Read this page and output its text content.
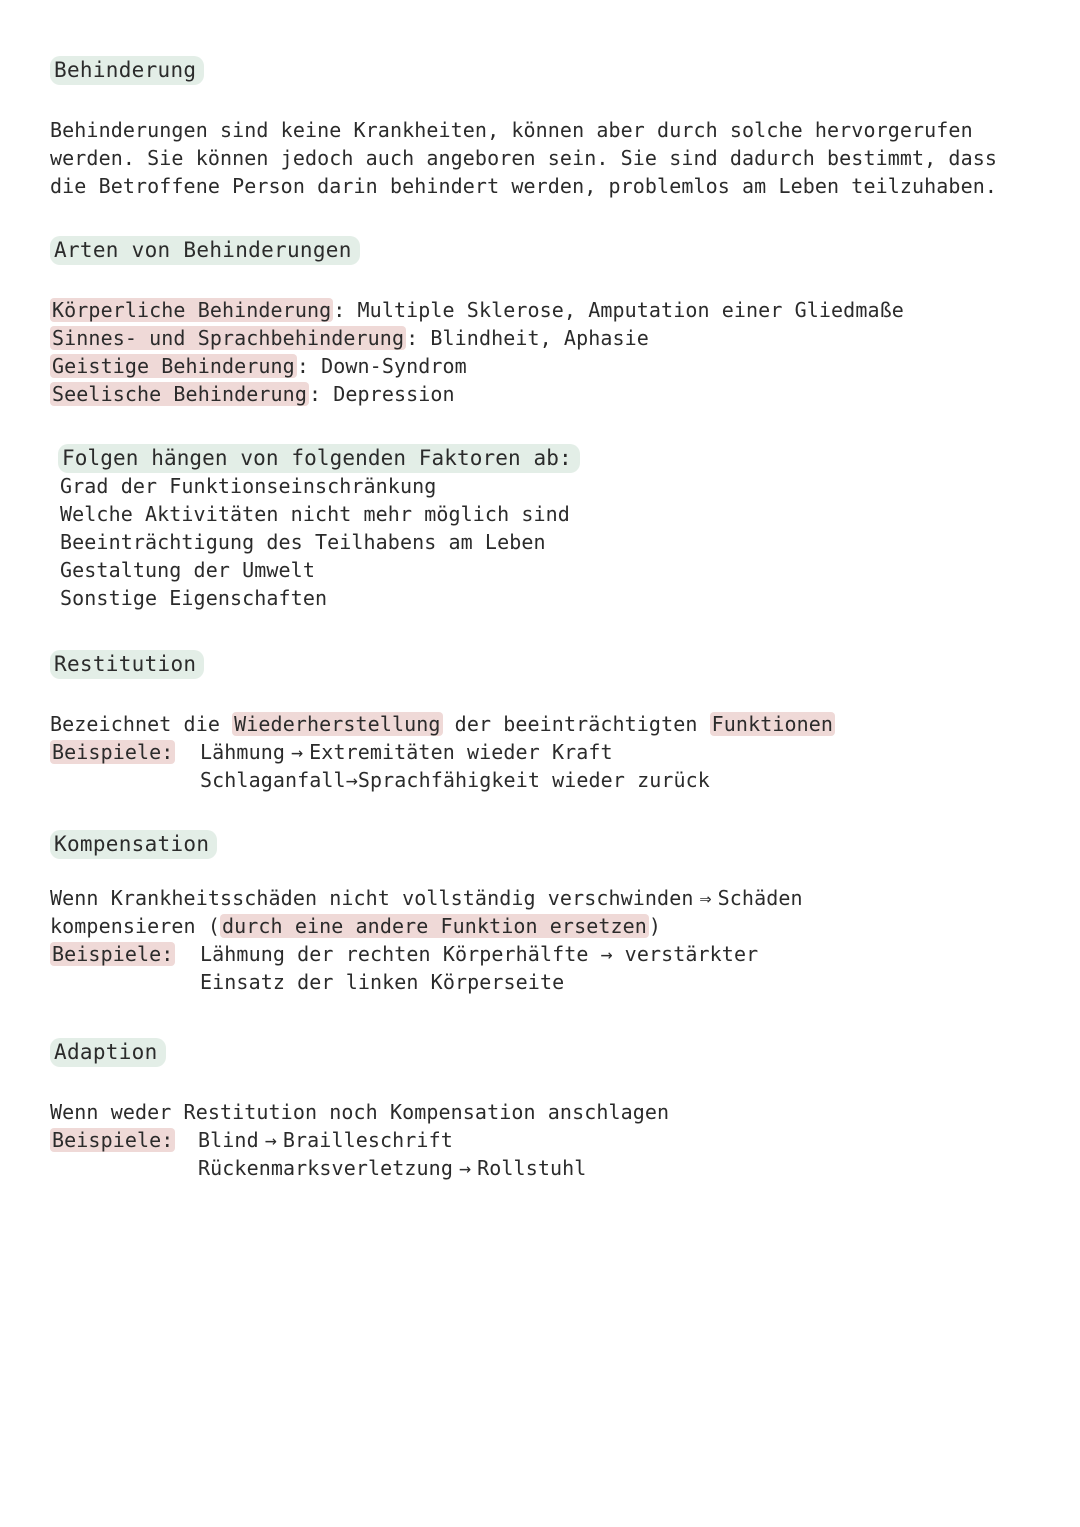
Behinderung
Behinderungen sind keine Krankheiten, können aber durch solche hervorgerufen
werden. Sie können jedoch auch angeboren sein. Sie sind dadurch bestimmt, dass
die Betroffene Person darin behindert werden, problemlos am Leben teilzuhaben.
Arten von Behinderungen
Körperliche Behinderung : Multiple Sklerose, Amputation einer Gliedmaße
Sinnes- und Sprachbehinderung : Blindheit, Aphasie
Geistige Behinderung : Down-Syndrom
Seelische Behinderung : Depression
Folgen hängen von folgenden Faktoren ab:
Grad der Funktionseinschränkung
Welche Aktivitäten nicht mehr möglich sind
Beeinträchtigung des Teilhabens am Leben
Gestaltung der Umwelt
Sonstige Eigenschaften
Restitution
Bezeichnet die Wiederherstellung der beeinträchtigten Funktionen
Beispiele: Lähmung → Extremitäten wieder Kraft
Schlaganfall→Sprachfähigkeit wieder zurück
Kompensation
Wenn Krankheitsschäden nicht vollständig verschwinden ⇒ Schäden
kompensieren ( durch eine andere Funktion ersetzen )
Beispiele: Lähmung der rechten Körperhälfte → verstärkter
Einsatz der linken Körperseite
Adaption
Wenn weder Restitution noch Kompensation anschlagen
Beispiele: Blind → Brailleschrift
Rückenmarksverletzung → Rollstuhl
